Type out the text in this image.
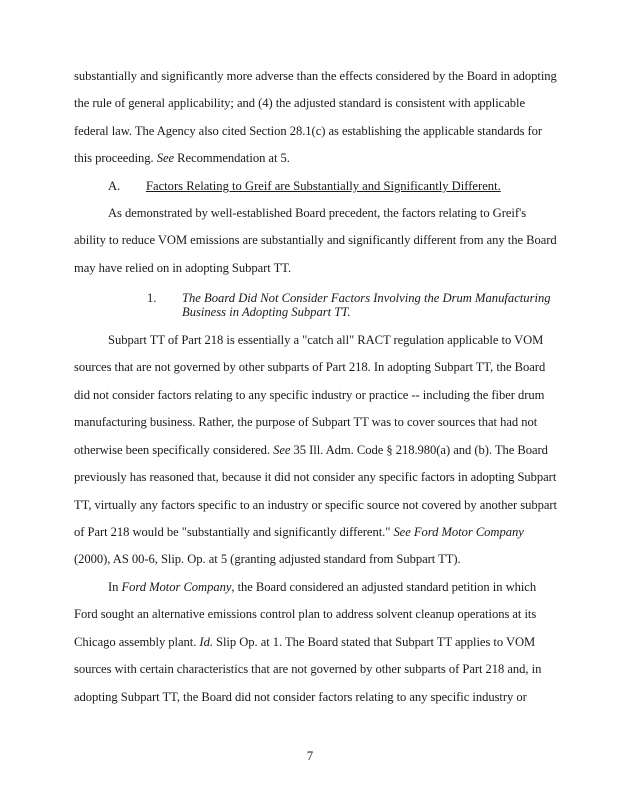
substantially and significantly more adverse than the effects considered by the Board in adopting
the rule of general applicability; and (4) the adjusted standard is consistent with applicable
federal law. The Agency also cited Section 28.1(c) as establishing the applicable standards for
this proceeding. See Recommendation at 5.
A. Factors Relating to Greif are Substantially and Significantly Different.
As demonstrated by well-established Board precedent, the factors relating to Greif's
ability to reduce VOM emissions are substantially and significantly different from any the Board
may have relied on in adopting Subpart TT.
1. The Board Did Not Consider Factors Involving the Drum Manufacturing
Business in Adopting Subpart TT.
Subpart TT of Part 218 is essentially a "catch all" RACT regulation applicable to VOM
sources that are not governed by other subparts of Part 218. In adopting Subpart TT, the Board
did not consider factors relating to any specific industry or practice -- including the fiber drum
manufacturing business. Rather, the purpose of Subpart TT was to cover sources that had not
otherwise been specifically considered. See 35 Ill. Adm. Code § 218.980(a) and (b). The Board
previously has reasoned that, because it did not consider any specific factors in adopting Subpart
TT, virtually any factors specific to an industry or specific source not covered by another subpart
of Part 218 would be "substantially and significantly different." See Ford Motor Company
(2000), AS 00-6, Slip. Op. at 5 (granting adjusted standard from Subpart TT).
In Ford Motor Company, the Board considered an adjusted standard petition in which
Ford sought an alternative emissions control plan to address solvent cleanup operations at its
Chicago assembly plant. Id. Slip Op. at 1. The Board stated that Subpart TT applies to VOM
sources with certain characteristics that are not governed by other subparts of Part 218 and, in
adopting Subpart TT, the Board did not consider factors relating to any specific industry or
7
